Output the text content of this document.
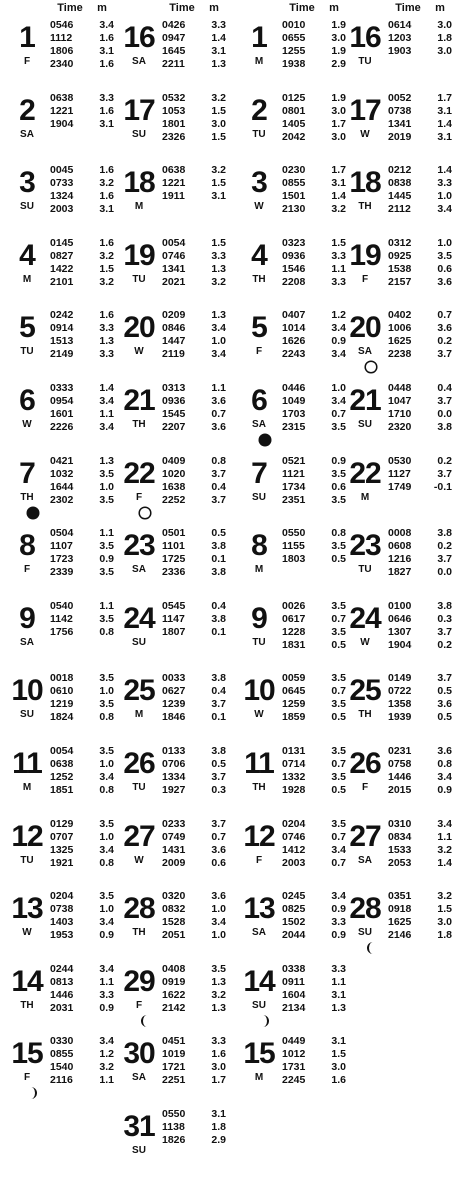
Time	m
1
F
0546 3.4
1112	1.6
1806 3.1
2340 1.6
2
SA
0638 3.3
1221 1.6
1904 3.1
3
SU
0045 1.6
0733 3.2
1324 1.6
2003 3.1
4
M
0145 1.6
0827 3.2
1422 1.5
2101 3.2
5
TU
0242 1.6
0914 3.3
1513 1.3
2149 3.3
6
W
0333 1.4
0954 3.4
1601 1.1
2226 3.4
7
TH
0421 1.3
1032 3.5
1644 1.0
2302 3.5
8
F
0504 1.1
1107	3.5
1723 0.9
2339 3.5
9
SA
0540 1.1
1142	3.5
1756 0.8
10
SU
0018 3.5
0610 1.0
1219 3.5
1824 0.8
11
M
0054 3.5
0638 1.0
1252 3.4
1851 0.8
12
TU
0129 3.5
0707 1.0
1325 3.4
1921 0.8
13
W
0204 3.5
0738 1.0
1403 3.4
1953 0.9
14
TH
0244 3.4
0813 1.1
1446 3.3
2031 0.9
15
F
0330 3.4
0855 1.2
1540 3.2
2116	1.1
Time	m
16
SA
0426 3.3
0947 1.4
1645 3.1
2211	1.3
17
SU
0532 3.2
1053 1.5
1801 3.0
2326 1.5
18
M
0638 3.2
1221 1.5
1911	3.1
19
TU
0054 1.5
0746 3.3
1341 1.3
2021 3.2
20
W
0209 1.3
0846 3.4
1447 1.0
2119	3.4
21
TH
0313 1.1
0936 3.6
1545 0.7
2207 3.6
22
F
0409 0.8
1020 3.7
1638 0.4
2252 3.7
23
SA
0501 0.5
1101	3.8
1725 0.1
2336 3.8
24
SU
0545 0.4
1147	3.8
1807 0.1
25
M
0033 3.8
0627 0.4
1239 3.7
1846 0.1
26
TU
0133 3.8
0706 0.5
1334 3.7
1927 0.3
27
W
0233 3.7
0749 0.7
1431 3.6
2009 0.6
28
TH
0320 3.6
0832 1.0
1528 3.4
2051 1.0
29
F
0408 3.5
0919 1.3
1622 3.2
2142 1.3
30
SA
0451 3.3
1019 1.6
1721 3.0
2251 1.7
31
SU
0550 3.1
1138	1.8
1826 2.9
Time	m
1
M
0010 1.9
0655 3.0
1255 1.9
1938 2.9
2
TU
0125 1.9
0801 3.0
1405 1.7
2042 3.0
3
W
0230 1.7
0855 3.1
1501 1.4
2130 3.2
4
TH
0323 1.5
0936 3.3
1546 1.1
2208 3.3
5
F
0407 1.2
1014 3.4
1626 0.9
2243 3.4
6
SA
0446 1.0
1049 3.4
1703 0.7
2315 3.5
7
SU
0521 0.9
1121	3.5
1734 0.6
2351 3.5
8
M
0550 0.8
1155	3.5
1803 0.5
9
TU
0026 3.5
0617 0.7
1228 3.5
1831 0.5
10
W
0059 3.5
0645 0.7
1259 3.5
1859 0.5
11
TH
0131 3.5
0714 0.7
1332 3.5
1928 0.5
12
F
0204 3.5
0746 0.7
1412 3.4
2003 0.7
13
SA
0245 3.4
0825 0.9
1502 3.3
2044 0.9
14
SU
0338 3.3
0911	1.1
1604 3.1
2134 1.3
15
M
0449 3.1
1012 1.5
1731 3.0
2245 1.6
Time	m
16
TU
0614 3.0
1203 1.8
1903 3.0
17
W
0052 1.7
0738 3.1
1341 1.4
2019 3.1
18
TH
0212 1.4
0838 3.3
1445 1.0
2112	3.4
19
F
0312 1.0
0925 3.5
1538 0.6
2157 3.6
20
SA
0402 0.7
1006 3.6
1625 0.2
2238 3.7
21
SU
0448 0.4
1047 3.7
1710 0.0
2320 3.8
22
M
0530 0.2
1127	3.7
1749 -0.1
23
TU
0008 3.8
0608 0.2
1216 3.7
1827 0.0
24
W
0100 3.8
0646 0.3
1307 3.7
1904 0.2
25
TH
0149 3.7
0722 0.5
1358 3.6
1939 0.5
26
F
0231 3.6
0758 0.8
1446 3.4
2015 0.9
27
SA
0310 3.4
0834 1.1
1533 3.2
2053 1.4
28
SU
0351 3.2
0918 1.5
1625 3.0
2146 1.8
